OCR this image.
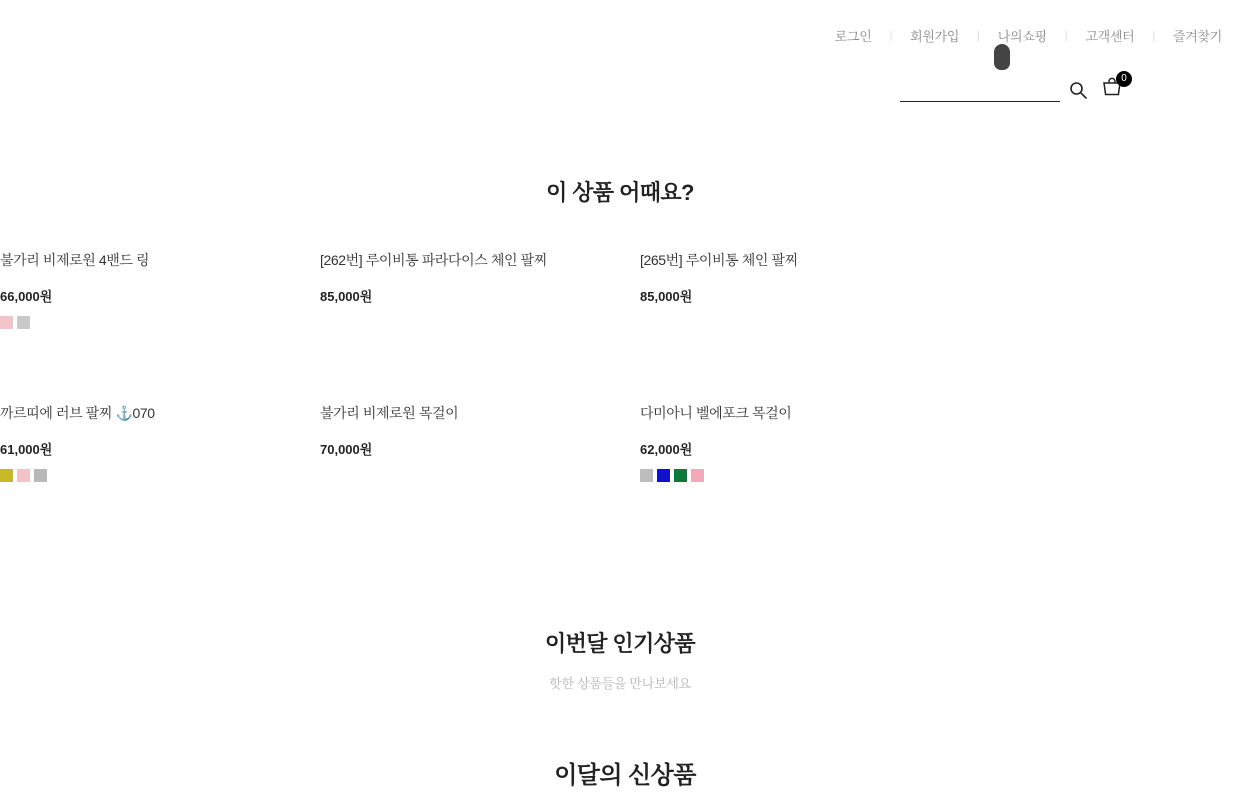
로그인	|	회원가입	|	나의쇼핑	|	고객센터	|	즐겨찾기
0
이 상품 어때요?
불가리 비제로원 4밴드 링
66,000원
[262번] 루이비통 파라다이스 체인 팔찌
85,000원
[265번] 루이비통 체인 팔찌
85,000원
까르띠에 러브 팔찌 ⚓070
61,000원
불가리 비제로원 목걸이
70,000원
다미아니 벨에포크 목걸이
62,000원
이번달 인기상품
핫한 상품들을 만나보세요
이달의 신상품
